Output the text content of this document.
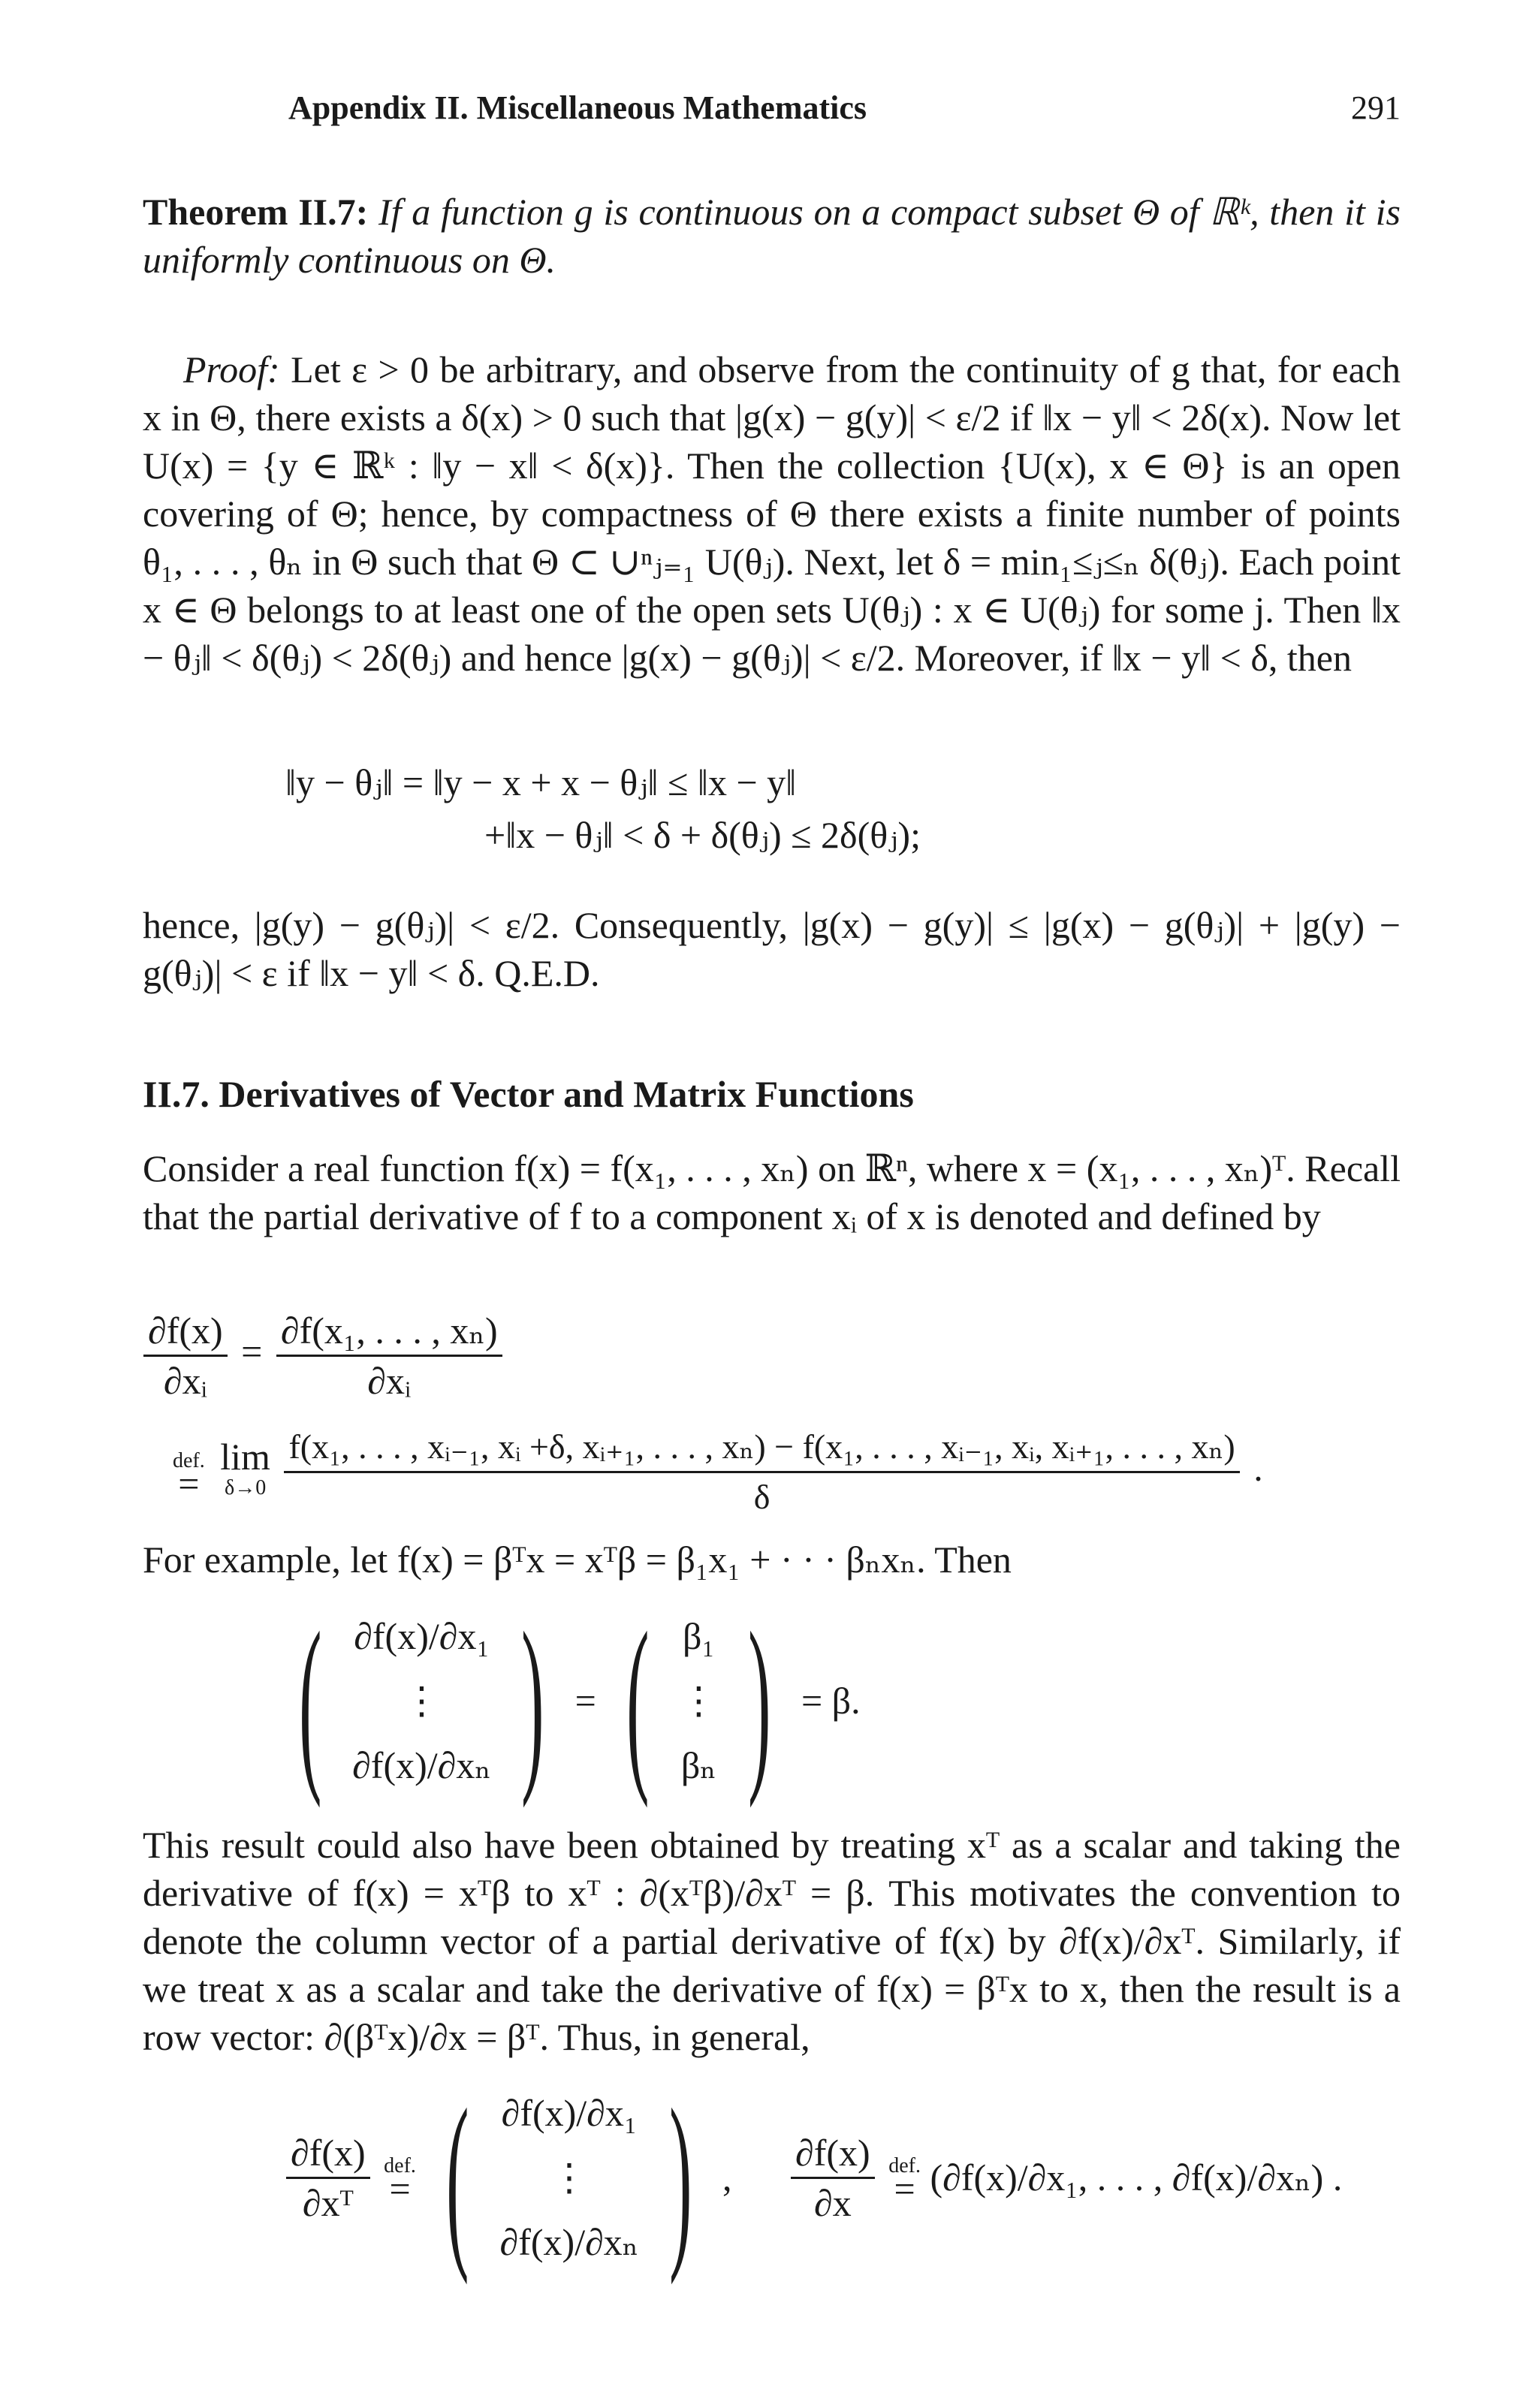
Appendix II. Miscellaneous Mathematics	291
Theorem II.7: If a function g is continuous on a compact subset Θ of ℝᵏ, then it is uniformly continuous on Θ.
Proof: Let ε > 0 be arbitrary, and observe from the continuity of g that, for each x in Θ, there exists a δ(x) > 0 such that |g(x) − g(y)| < ε/2 if ‖x − y‖ < 2δ(x). Now let U(x) = {y ∈ ℝᵏ : ‖y − x‖ < δ(x)}. Then the collection {U(x), x ∈ Θ} is an open covering of Θ; hence, by compactness of Θ there exists a finite number of points θ₁, . . . , θₙ in Θ such that Θ ⊂ ∪ⁿⱼ₌₁ U(θⱼ). Next, let δ = min₁≤ⱼ≤ₙ δ(θⱼ). Each point x ∈ Θ belongs to at least one of the open sets U(θⱼ) : x ∈ U(θⱼ) for some j. Then ‖x − θⱼ‖ < δ(θⱼ) < 2δ(θⱼ) and hence |g(x) − g(θⱼ)| < ε/2. Moreover, if ‖x − y‖ < δ, then
‖y − θⱼ‖ = ‖y − x + x − θⱼ‖ ≤ ‖x − y‖
+‖x − θⱼ‖ < δ + δ(θⱼ) ≤ 2δ(θⱼ);
hence, |g(y) − g(θⱼ)| < ε/2. Consequently, |g(x) − g(y)| ≤ |g(x) − g(θⱼ)| + |g(y) − g(θⱼ)| < ε if ‖x − y‖ < δ. Q.E.D.
II.7. Derivatives of Vector and Matrix Functions
Consider a real function f(x) = f(x₁, . . . , xₙ) on ℝⁿ, where x = (x₁, . . . , xₙ)ᵀ. Recall that the partial derivative of f to a component xᵢ of x is denoted and defined by
$\frac{\partial f(x)}{\text{∂xᵢ}} = \frac{\text{∂f(x₁, . . . , xₙ)}}{\text{∂xᵢ}}$
def.
=

lim
δ→0

f(x₁, . . . , xᵢ₋₁, xᵢ +δ, xᵢ₊₁, . . . , xₙ) − f(x₁, . . . , xᵢ₋₁, xᵢ, xᵢ₊₁, . . . , xₙ)
δ
.
For example, let f(x) = βᵀx = xᵀβ = β₁x₁ + · · · βₙxₙ. Then
( ∂f(x)/∂x₁
⋮
∂f(x)/∂xₙ ) = ( β₁
⋮
βₙ ) = β.
This result could also have been obtained by treating xᵀ as a scalar and taking the derivative of f(x) = xᵀβ to xᵀ : ∂(xᵀβ)/∂xᵀ = β. This motivates the convention to denote the column vector of a partial derivative of f(x) by ∂f(x)/∂xᵀ. Similarly, if we treat x as a scalar and take the derivative of f(x) = βᵀx to x, then the result is a row vector: ∂(βᵀx)/∂x = βᵀ. Thus, in general,
$\frac{\partial f(x)}{\text{∂xᵀ}}$
def.
= ( ∂f(x)/∂x₁
⋮
∂f(x)/∂xₙ ) , $\frac{\partial f(x)}{\partial x}$
def.
= (∂f(x)/∂x₁, . . . , ∂f(x)/∂xₙ) .
